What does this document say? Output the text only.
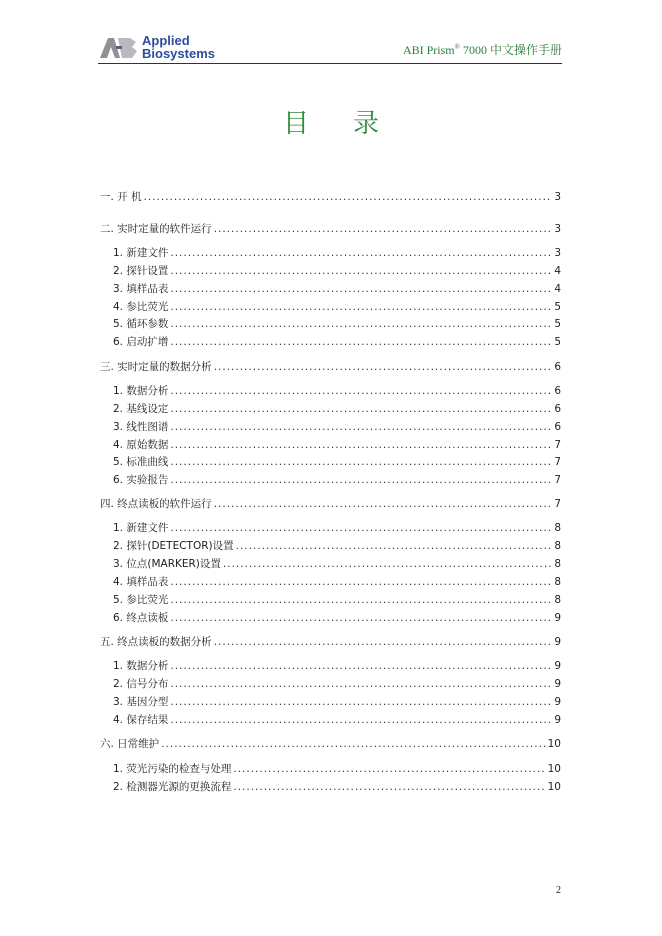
Applied
Biosystems	ABI Prism® 7000 中文操作手册
目录
一. 开 机 .....	3
二. 实时定量的软件运行 .....	3
1. 新建文件 .....	3
2. 探针设置 .....	4
3. 填样品表 .....	4
4. 参比荧光 .....	5
5. 循环参数 .....	5
6. 启动扩增 .....	5
三. 实时定量的数据分析 .....	6
1. 数据分析 .....	6
2. 基线设定 .....	6
3. 线性图谱 .....	6
4. 原始数据 .....	7
5. 标准曲线 .....	7
6. 实验报告 .....	7
四. 终点读板的软件运行 .....	7
1. 新建文件 .....	8
2. 探针(DETECTOR)设置 .....	8
3. 位点(MARKER)设置 .....	8
4. 填样品表 .....	8
5. 参比荧光 .....	8
6. 终点读板 .....	9
五. 终点读板的数据分析 .....	9
1. 数据分析 .....	9
2. 信号分布 .....	9
3. 基因分型 .....	9
4. 保存结果 .....	9
六. 日常维护 .....	10
1. 荧光污染的检查与处理 .....	10
2. 检测器光源的更换流程 .....	10
2
